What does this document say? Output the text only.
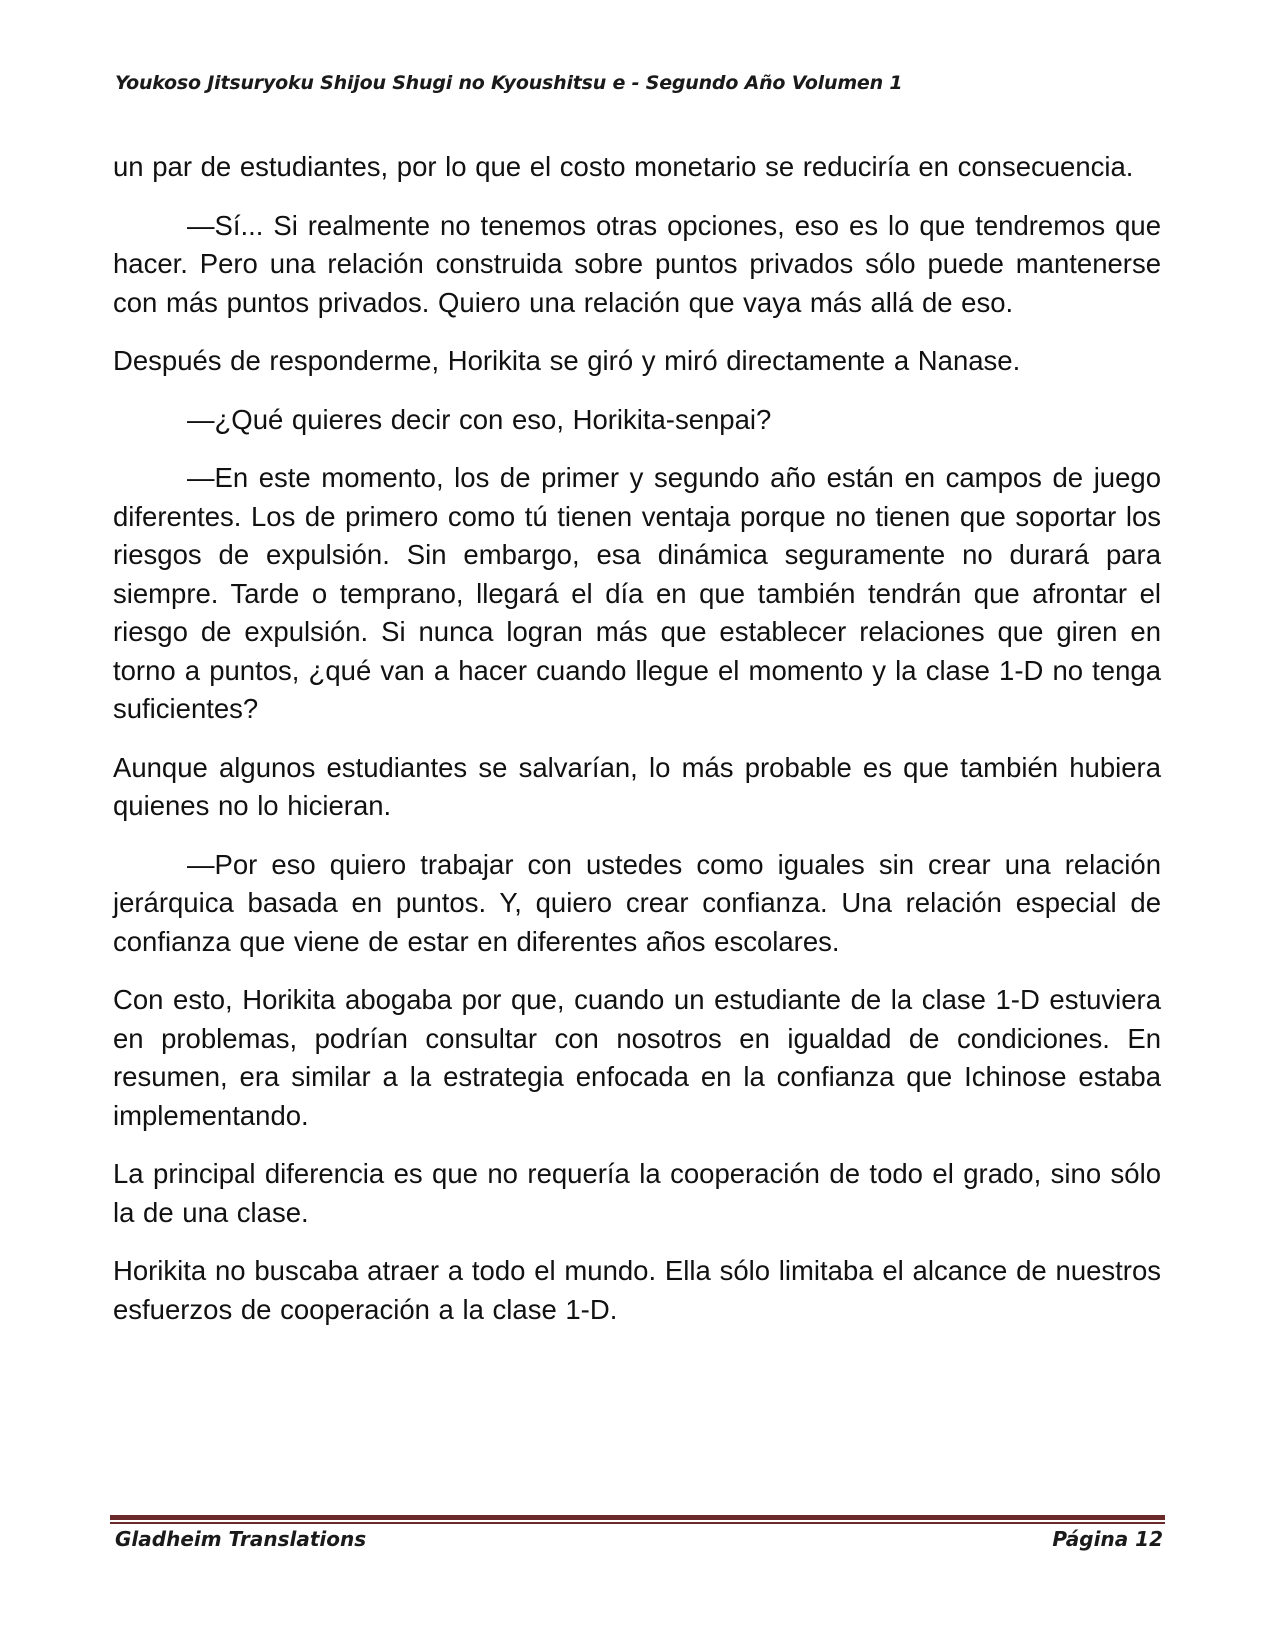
Youkoso Jitsuryoku Shijou Shugi no Kyoushitsu e - Segundo Año Volumen 1

un par de estudiantes, por lo que el costo monetario se reduciría en consecuencia.

—Sí... Si realmente no tenemos otras opciones, eso es lo que tendremos que hacer. Pero una relación construida sobre puntos privados sólo puede mantenerse con más puntos privados. Quiero una relación que vaya más allá de eso.

Después de responderme, Horikita se giró y miró directamente a Nanase.

—¿Qué quieres decir con eso, Horikita-senpai?

—En este momento, los de primer y segundo año están en campos de juego diferentes. Los de primero como tú tienen ventaja porque no tienen que soportar los riesgos de expulsión. Sin embargo, esa dinámica seguramente no durará para siempre. Tarde o temprano, llegará el día en que también tendrán que afrontar el riesgo de expulsión. Si nunca logran más que establecer relaciones que giren en torno a puntos, ¿qué van a hacer cuando llegue el momento y la clase 1-D no tenga suficientes?

Aunque algunos estudiantes se salvarían, lo más probable es que también hubiera quienes no lo hicieran.

—Por eso quiero trabajar con ustedes como iguales sin crear una relación jerárquica basada en puntos. Y, quiero crear confianza. Una relación especial de confianza que viene de estar en diferentes años escolares.

Con esto, Horikita abogaba por que, cuando un estudiante de la clase 1-D estuviera en problemas, podrían consultar con nosotros en igualdad de condiciones. En resumen, era similar a la estrategia enfocada en la confianza que Ichinose estaba implementando.

La principal diferencia es que no requería la cooperación de todo el grado, sino sólo la de una clase.

Horikita no buscaba atraer a todo el mundo. Ella sólo limitaba el alcance de nuestros esfuerzos de cooperación a la clase 1-D.

Gladheim Translations	Página 12
